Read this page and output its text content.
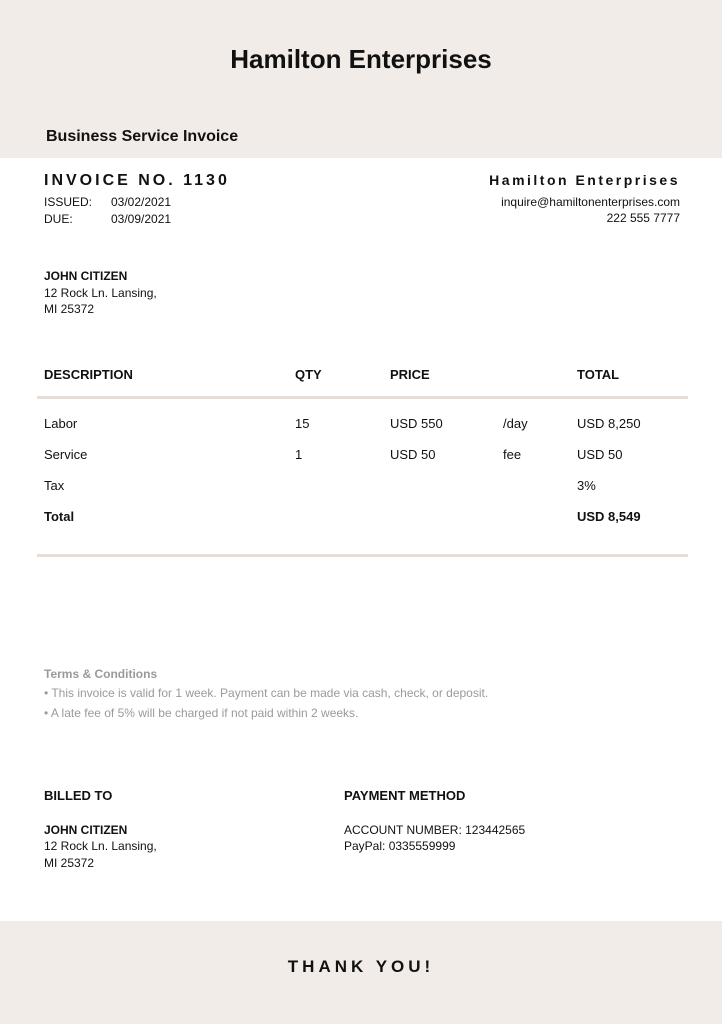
Hamilton Enterprises
Business Service Invoice
INVOICE NO. 1130
ISSUED: 03/02/2021
DUE:	03/09/2021
Hamilton Enterprises
inquire@hamiltonenterprises.com
222 555 7777
JOHN CITIZEN
12 Rock Ln. Lansing,
MI 25372
DESCRIPTION	QTY	PRICE	TOTAL
Labor	15	USD 550	/day	USD 8,250
Service	1	USD 50	fee	USD 50
Tax	3%
Total	USD 8,549
Terms & Conditions
• This invoice is valid for 1 week. Payment can be made via cash, check, or deposit.
• A late fee of 5% will be charged if not paid within 2 weeks.
BILLED TO
JOHN CITIZEN
12 Rock Ln. Lansing,
MI 25372
PAYMENT METHOD
ACCOUNT NUMBER: 123442565
PayPal: 0335559999
THANK YOU!
